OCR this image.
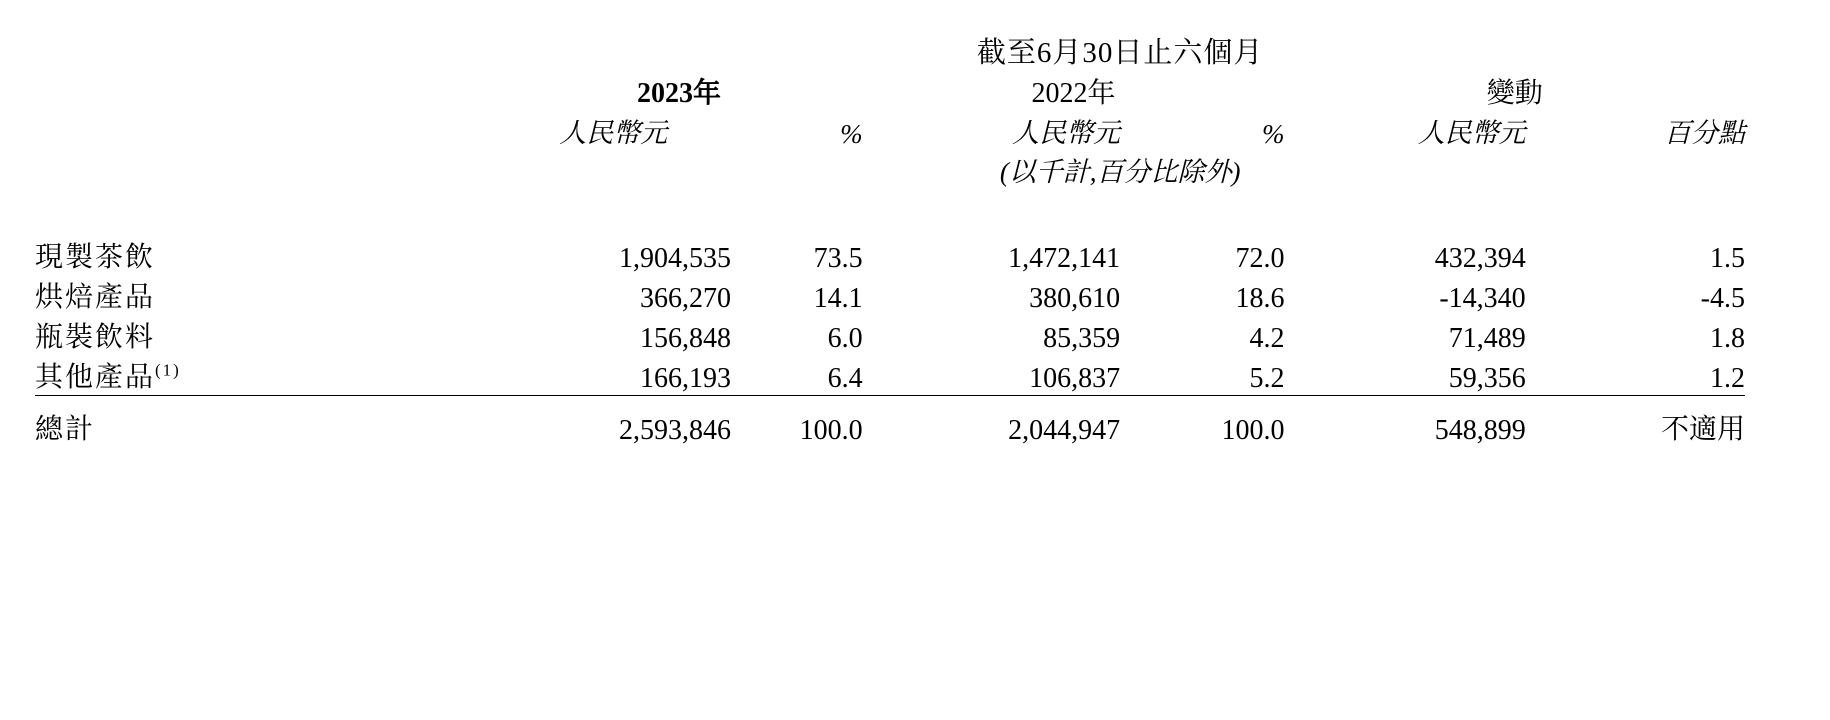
	截至6月30日止六個月					
	2023年		2022年		變動	
	人民幣元	%	人民幣元	%	人民幣元	百分點
	(以千計,百分比除外)					

現製茶飲	1,904,535	73.5	1,472,141	72.0	432,394	1.5
烘焙產品	366,270	14.1	380,610	18.6	-14,340	-4.5
瓶裝飲料	156,848	6.0	85,359	4.2	71,489	1.8
其他產品$^{(1)}$	166,193	6.4	106,837	5.2	59,356	1.2
總計	2,593,846	100.0	2,044,947	100.0	548,899	不適用
